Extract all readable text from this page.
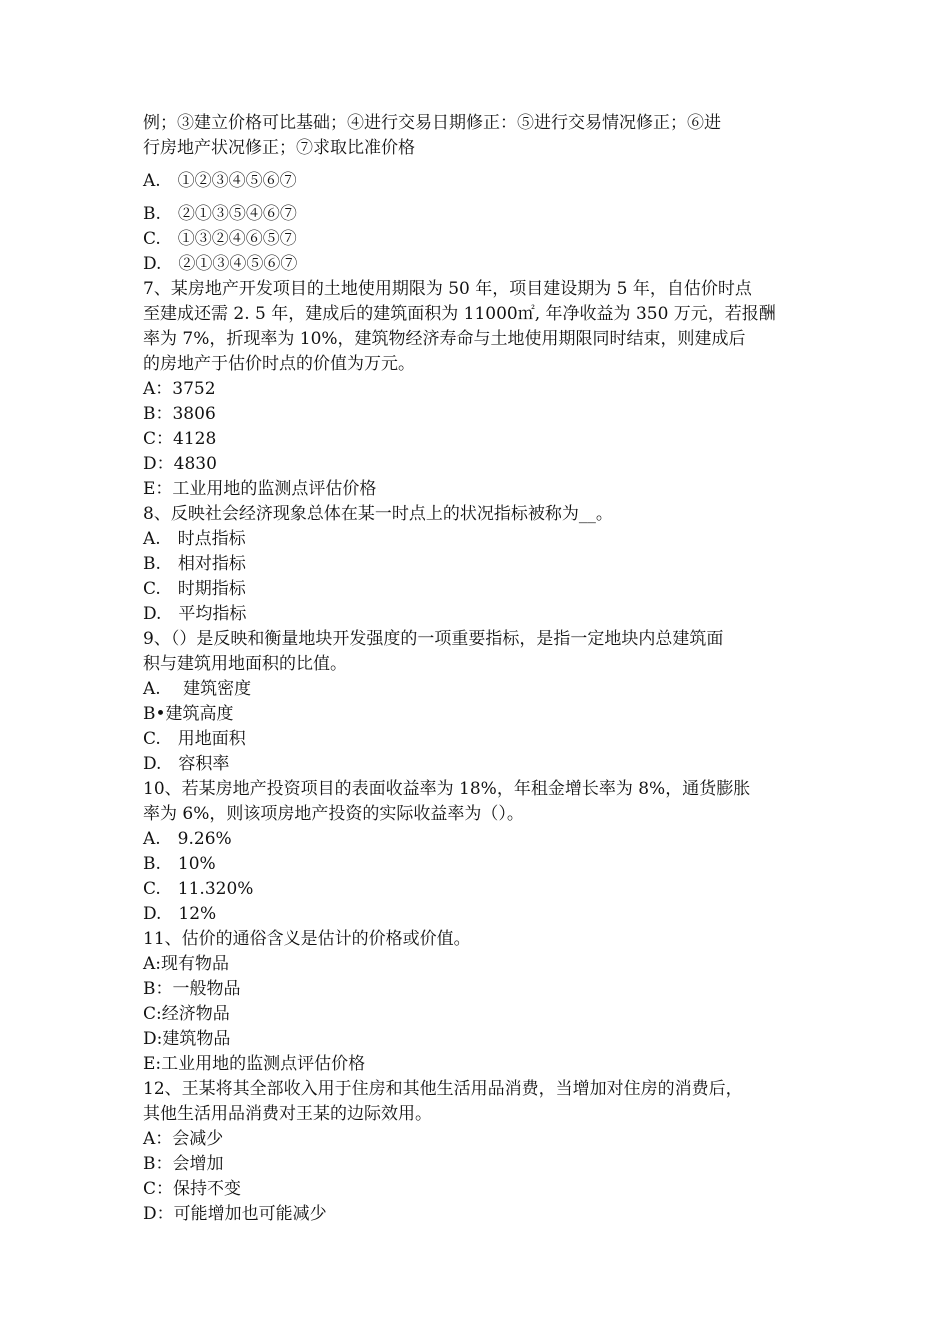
例；③建立价格可比基础；④进行交易日期修正：⑤进行交易情况修正；⑥进
行房地产状况修正；⑦求取比准价格
A.　①②③④⑤⑥⑦
B.　②①③⑤④⑥⑦
C.　①③②④⑥⑤⑦
D.　②①③④⑤⑥⑦
7、某房地产开发项目的土地使用期限为 50 年，项目建设期为 5 年，自估价时点
至建成还需 2. 5 年，建成后的建筑面积为 11000㎡, 年净收益为 350 万元，若报酬
率为 7%，折现率为 10%，建筑物经济寿命与土地使用期限同时结束，则建成后
的房地产于估价时点的价值为万元。
A：3752
B：3806
C：4128
D：4830
E：工业用地的监测点评估价格
8、反映社会经济现象总体在某一时点上的状况指标被称为__。
A.　时点指标
B.　相对指标
C.　时期指标
D.　平均指标
9、（）是反映和衡量地块开发强度的一项重要指标，是指一定地块内总建筑面
积与建筑用地面积的比值。
A.　 建筑密度
B•建筑高度
C.　用地面积
D.　容积率
10、若某房地产投资项目的表面收益率为 18%，年租金增长率为 8%，通货膨胀
率为 6%，则该项房地产投资的实际收益率为（）。
A.　9.26%
B.　10%
C.　11.320%
D.　12%
11、估价的通俗含义是估计的价格或价值。
A:现有物品
B：一般物品
C:经济物品
D:建筑物品
E:工业用地的监测点评估价格
12、王某将其全部收入用于住房和其他生活用品消费，当增加对住房的消费后，
其他生活用品消费对王某的边际效用。
A：会减少
B：会增加
C：保持不变
D：可能增加也可能减少
